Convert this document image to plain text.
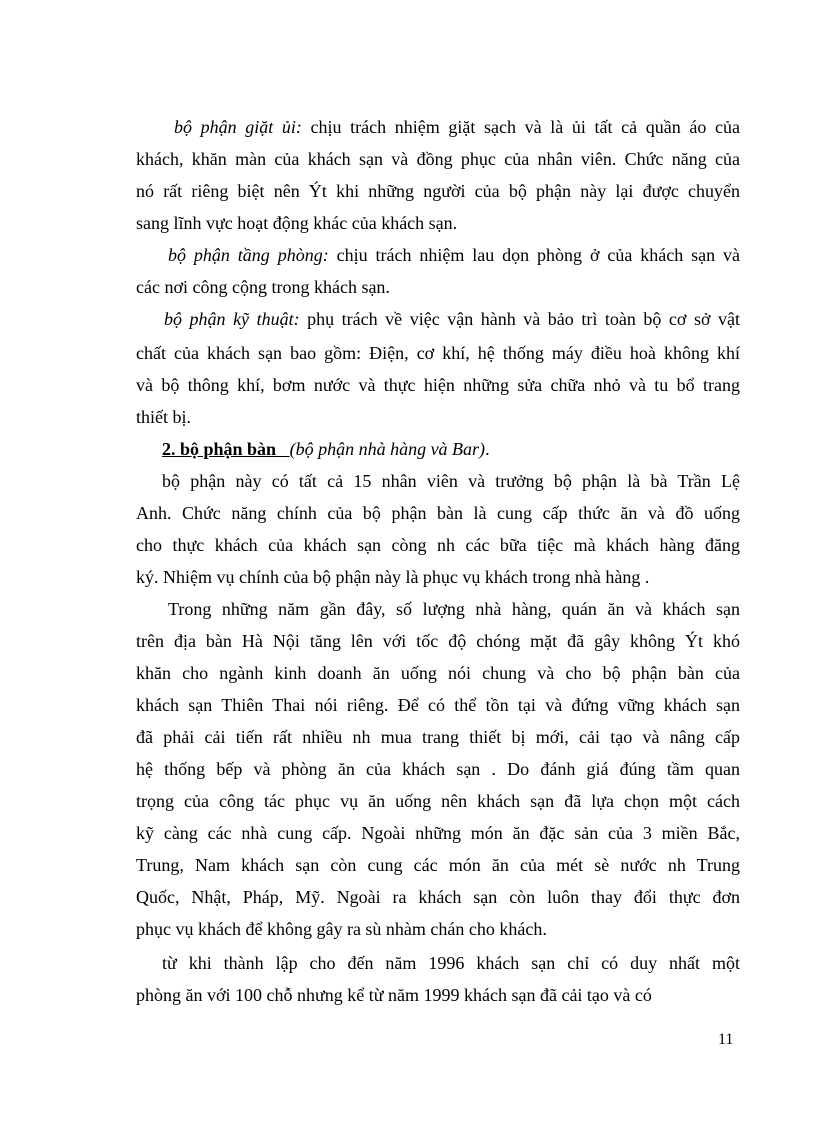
bộ phận giặt ủi: chịu trách nhiệm giặt sạch và là ủi tất cả quần áo của
khách, khăn màn của khách sạn và đồng phục của nhân viên. Chức năng của
nó rất riêng biệt nên Ýt khi những người của bộ phận này lại được chuyển
sang lĩnh vực hoạt động khác của khách sạn.
bộ phận tầng phòng: chịu trách nhiệm lau dọn phòng ở của khách sạn và
các nơi công cộng trong khách sạn.
bộ phận kỹ thuật: phụ trách về việc vận hành và bảo trì toàn bộ cơ sở vật
chất của khách sạn bao gồm: Điện, cơ khí, hệ thống máy điều hoà không khí
và bộ thông khí, bơm nước và thực hiện những sửa chữa nhỏ và tu bổ trang
thiết bị.
2. bộ phận bàn (bộ phận nhà hàng và Bar).
bộ phận này có tất cả 15 nhân viên và trưởng bộ phận là bà Trần Lệ
Anh. Chức năng chính của bộ phận bàn là cung cấp thức ăn và đồ uống
cho thực khách của khách sạn còng nh các bữa tiệc mà khách hàng đăng
ký. Nhiệm vụ chính của bộ phận này là phục vụ khách trong nhà hàng .
Trong những năm gần đây, số lượng nhà hàng, quán ăn và khách sạn
trên địa bàn Hà Nội tăng lên với tốc độ chóng mặt đã gây không Ýt khó
khăn cho ngành kinh doanh ăn uống nói chung và cho bộ phận bàn của
khách sạn Thiên Thai nói riêng. Để có thể tồn tại và đứng vững khách sạn
đã phải cải tiến rất nhiều nh mua trang thiết bị mới, cải tạo và nâng cấp
hệ thống bếp và phòng ăn của khách sạn . Do đánh giá đúng tầm quan
trọng của công tác phục vụ ăn uống nên khách sạn đã lựa chọn một cách
kỹ càng các nhà cung cấp. Ngoài những món ăn đặc sản của 3 miền Bắc,
Trung, Nam khách sạn còn cung các món ăn của mét sè nước nh Trung
Quốc, Nhật, Pháp, Mỹ. Ngoài ra khách sạn còn luôn thay đổi thực đơn
phục vụ khách để không gây ra sù nhàm chán cho khách.
từ khi thành lập cho đến năm 1996 khách sạn chỉ có duy nhất một
phòng ăn với 100 chỗ nhưng kể từ năm 1999 khách sạn đã cải tạo và có
11
